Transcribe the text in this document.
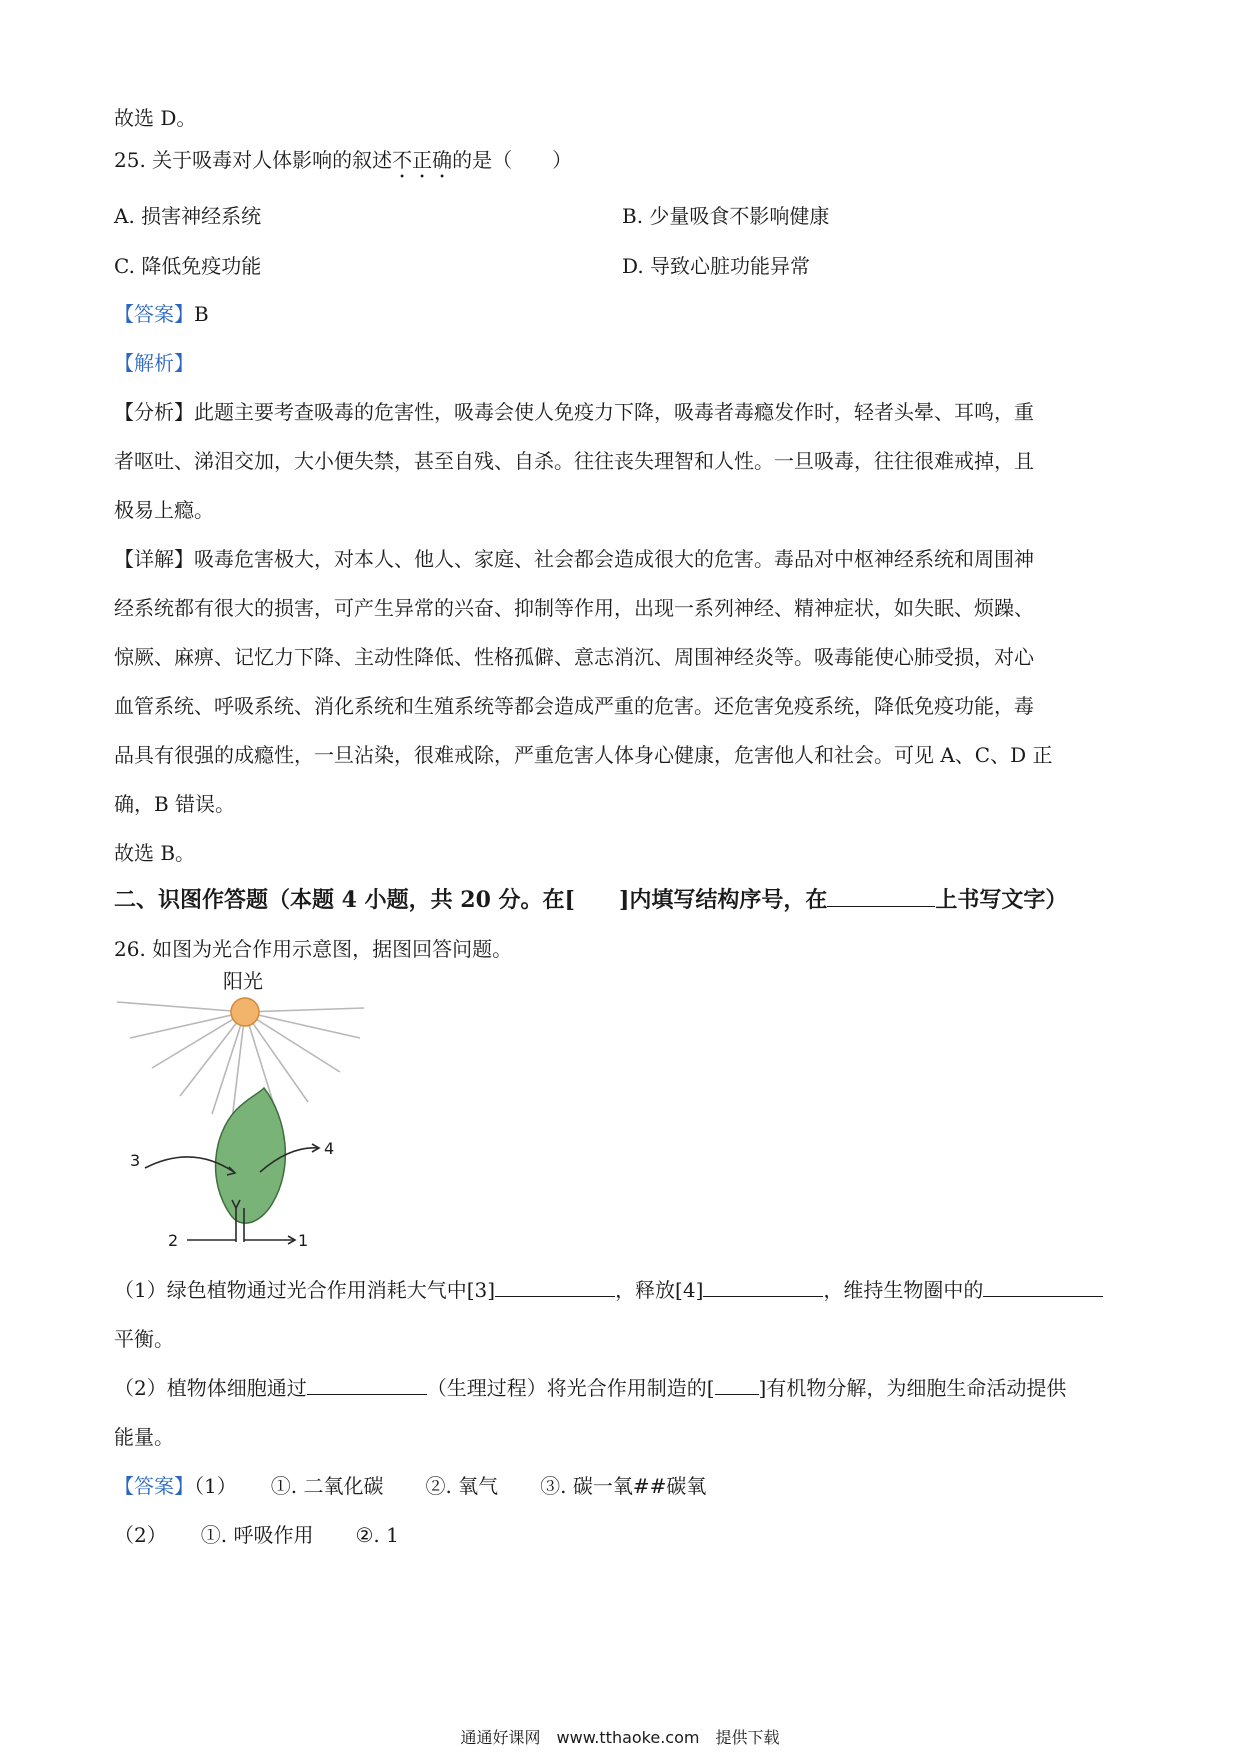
故选 D。
25. 关于吸毒对人体影响的叙述不正确的是（　　）
A. 损害神经系统	B. 少量吸食不影响健康
C. 降低免疫功能	D. 导致心脏功能异常
【答案】B
【解析】
【分析】此题主要考查吸毒的危害性，吸毒会使人免疫力下降，吸毒者毒瘾发作时，轻者头晕、耳鸣，重
者呕吐、涕泪交加，大小便失禁，甚至自残、自杀。往往丧失理智和人性。一旦吸毒，往往很难戒掉，且
极易上瘾。
【详解】吸毒危害极大，对本人、他人、家庭、社会都会造成很大的危害。毒品对中枢神经系统和周围神
经系统都有很大的损害，可产生异常的兴奋、抑制等作用，出现一系列神经、精神症状，如失眠、烦躁、
惊厥、麻痹、记忆力下降、主动性降低、性格孤僻、意志消沉、周围神经炎等。吸毒能使心肺受损，对心
血管系统、呼吸系统、消化系统和生殖系统等都会造成严重的危害。还危害免疫系统，降低免疫功能，毒
品具有很强的成瘾性，一旦沾染，很难戒除，严重危害人体身心健康，危害他人和社会。可见 A、C、D 正
确，B 错误。
故选 B。
二、识图作答题（本题 4 小题，共 20 分。在[ ]内填写结构序号，在	上书写文字）
26. 如图为光合作用示意图，据图回答问题。
阳光
3
4
2	1
（1）绿色植物通过光合作用消耗大气中[3]	，释放[4]	，维持生物圈中的
平衡。
（2）植物体细胞通过	（生理过程）将光合作用制造的[ ]有机物分解，为细胞生命活动提供
能量。
【答案】（1） ①. 二氧化碳 ②. 氧气 ③. 碳一氧##碳氧
（2） ①. 呼吸作用 ②. 1
通通好课网　www.tthaoke.com　提供下载
